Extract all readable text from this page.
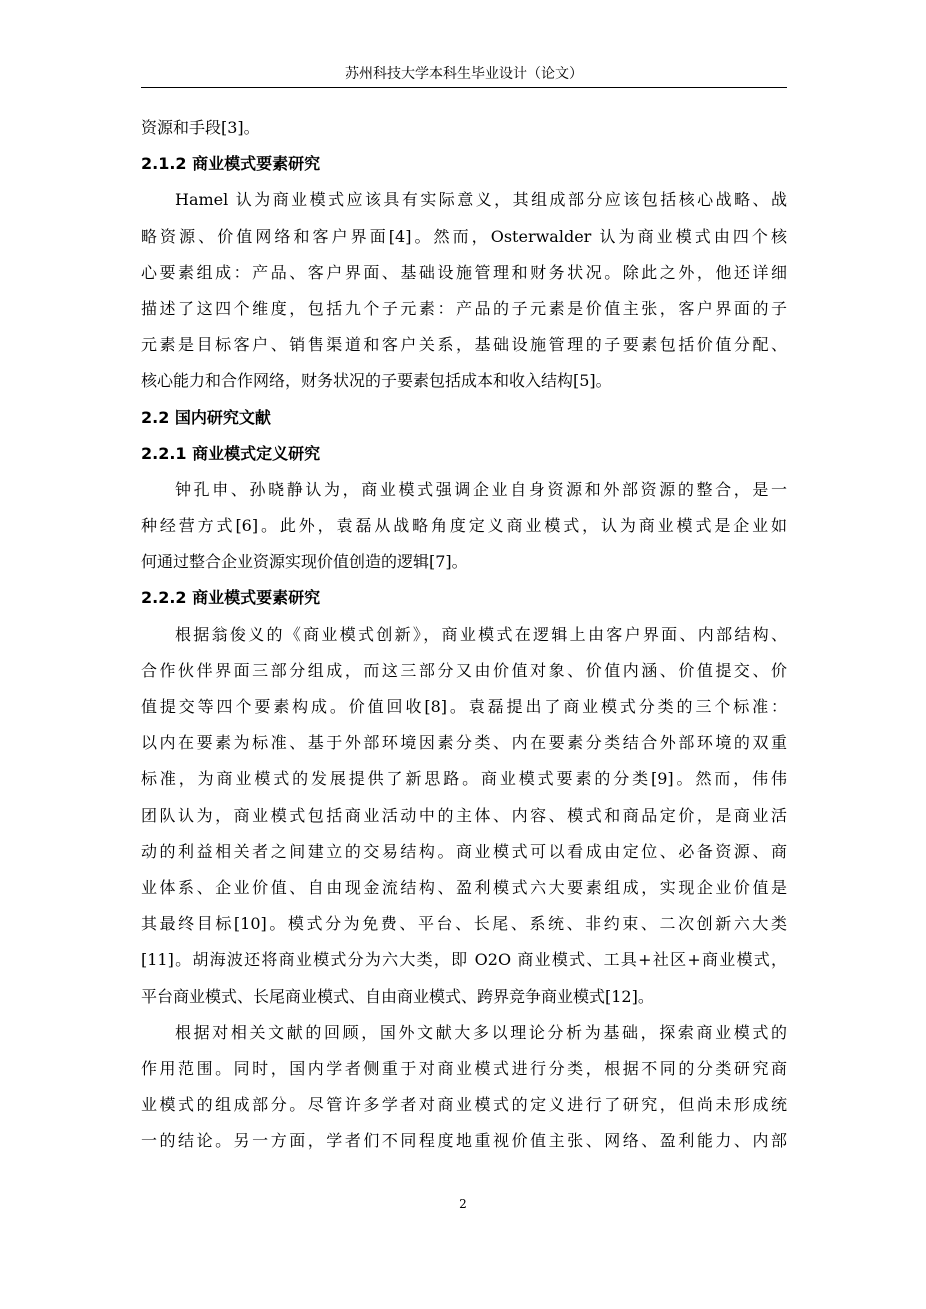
苏州科技大学本科生毕业设计（论文）
资源和手段[3]。
2.1.2 商业模式要素研究
Hamel 认为商业模式应该具有实际意义，其组成部分应该包括核心战略、战
略资源、价值网络和客户界面[4]。然而，Osterwalder 认为商业模式由四个核
心要素组成：产品、客户界面、基础设施管理和财务状况。除此之外，他还详细
描述了这四个维度，包括九个子元素：产品的子元素是价值主张，客户界面的子
元素是目标客户、销售渠道和客户关系，基础设施管理的子要素包括价值分配、
核心能力和合作网络，财务状况的子要素包括成本和收入结构[5]。
2.2 国内研究文献
2.2.1 商业模式定义研究
钟孔申、孙晓静认为，商业模式强调企业自身资源和外部资源的整合，是一
种经营方式[6]。此外，袁磊从战略角度定义商业模式，认为商业模式是企业如
何通过整合企业资源实现价值创造的逻辑[7]。
2.2.2 商业模式要素研究
根据翁俊义的《商业模式创新》，商业模式在逻辑上由客户界面、内部结构、
合作伙伴界面三部分组成，而这三部分又由价值对象、价值内涵、价值提交、价
值提交等四个要素构成。价值回收[8]。袁磊提出了商业模式分类的三个标准：
以内在要素为标准、基于外部环境因素分类、内在要素分类结合外部环境的双重
标准，为商业模式的发展提供了新思路。商业模式要素的分类[9]。然而，伟伟
团队认为，商业模式包括商业活动中的主体、内容、模式和商品定价，是商业活
动的利益相关者之间建立的交易结构。商业模式可以看成由定位、必备资源、商
业体系、企业价值、自由现金流结构、盈利模式六大要素组成，实现企业价值是
其最终目标[10]。模式分为免费、平台、长尾、系统、非约束、二次创新六大类
[11]。胡海波还将商业模式分为六大类，即 O2O 商业模式、工具+社区+商业模式，
平台商业模式、长尾商业模式、自由商业模式、跨界竞争商业模式[12]。
根据对相关文献的回顾，国外文献大多以理论分析为基础，探索商业模式的
作用范围。同时，国内学者侧重于对商业模式进行分类，根据不同的分类研究商
业模式的组成部分。尽管许多学者对商业模式的定义进行了研究，但尚未形成统
一的结论。另一方面，学者们不同程度地重视价值主张、网络、盈利能力、内部
2
